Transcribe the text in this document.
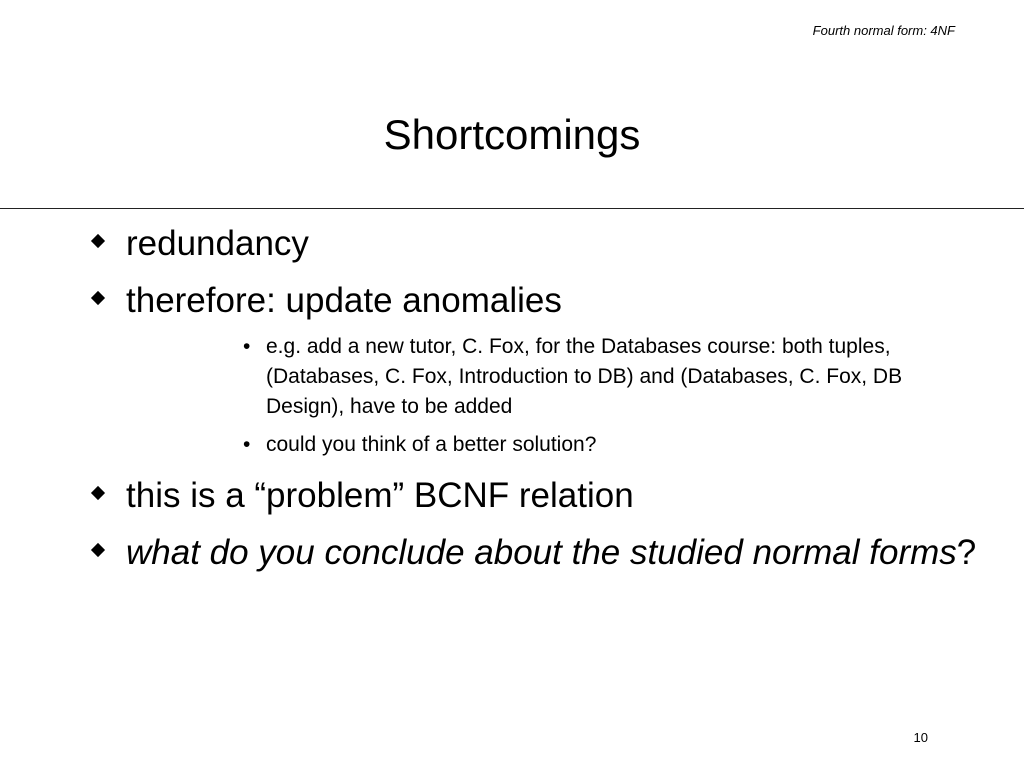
Fourth normal form: 4NF
Shortcomings
redundancy
therefore: update anomalies
• e.g. add a new tutor, C. Fox, for the Databases course: both tuples, (Databases, C. Fox, Introduction to DB) and (Databases, C. Fox, DB Design), have to be added
• could you think of a better solution?
this is a “problem” BCNF relation
what do you conclude about the studied normal forms?
10
